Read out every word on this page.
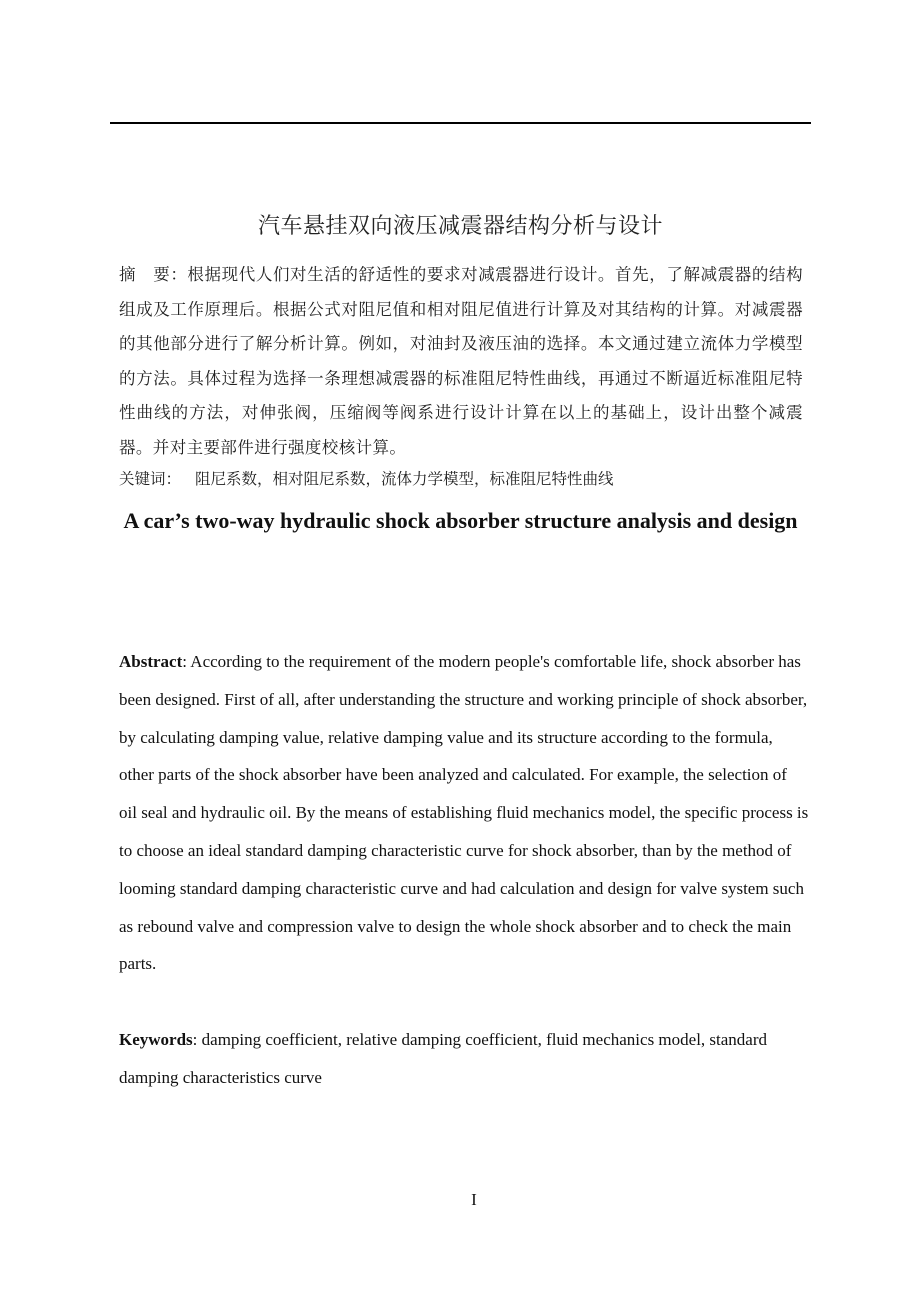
汽车悬挂双向液压减震器结构分析与设计

摘　要：根据现代人们对生活的舒适性的要求对减震器进行设计。首先，了解减震器的结构组成及工作原理后。根据公式对阻尼值和相对阻尼值进行计算及对其结构的计算。对减震器的其他部分进行了解分析计算。例如，对油封及液压油的选择。本文通过建立流体力学模型的方法。具体过程为选择一条理想减震器的标准阻尼特性曲线，再通过不断逼近标准阻尼特性曲线的方法，对伸张阀，压缩阀等阀系进行设计计算在以上的基础上，设计出整个减震器。并对主要部件进行强度校核计算。

关键词： 阻尼系数，相对阻尼系数，流体力学模型，标准阻尼特性曲线

A car’s two-way hydraulic shock absorber structure analysis and design

Abstract: According to the requirement of the modern people's comfortable life, shock absorber has been designed. First of all, after understanding the structure and working principle of shock absorber, by calculating damping value, relative damping value and its structure according to the formula, other parts of the shock absorber have been analyzed and calculated. For example, the selection of oil seal and hydraulic oil. By the means of establishing fluid mechanics model, the specific process is to choose an ideal standard damping characteristic curve for shock absorber, than by the method of looming standard damping characteristic curve and had calculation and design for valve system such as rebound valve and compression valve to design the whole shock absorber and to check the main parts.

Keywords: damping coefficient, relative damping coefficient, fluid mechanics model, standard damping characteristics curve

I
